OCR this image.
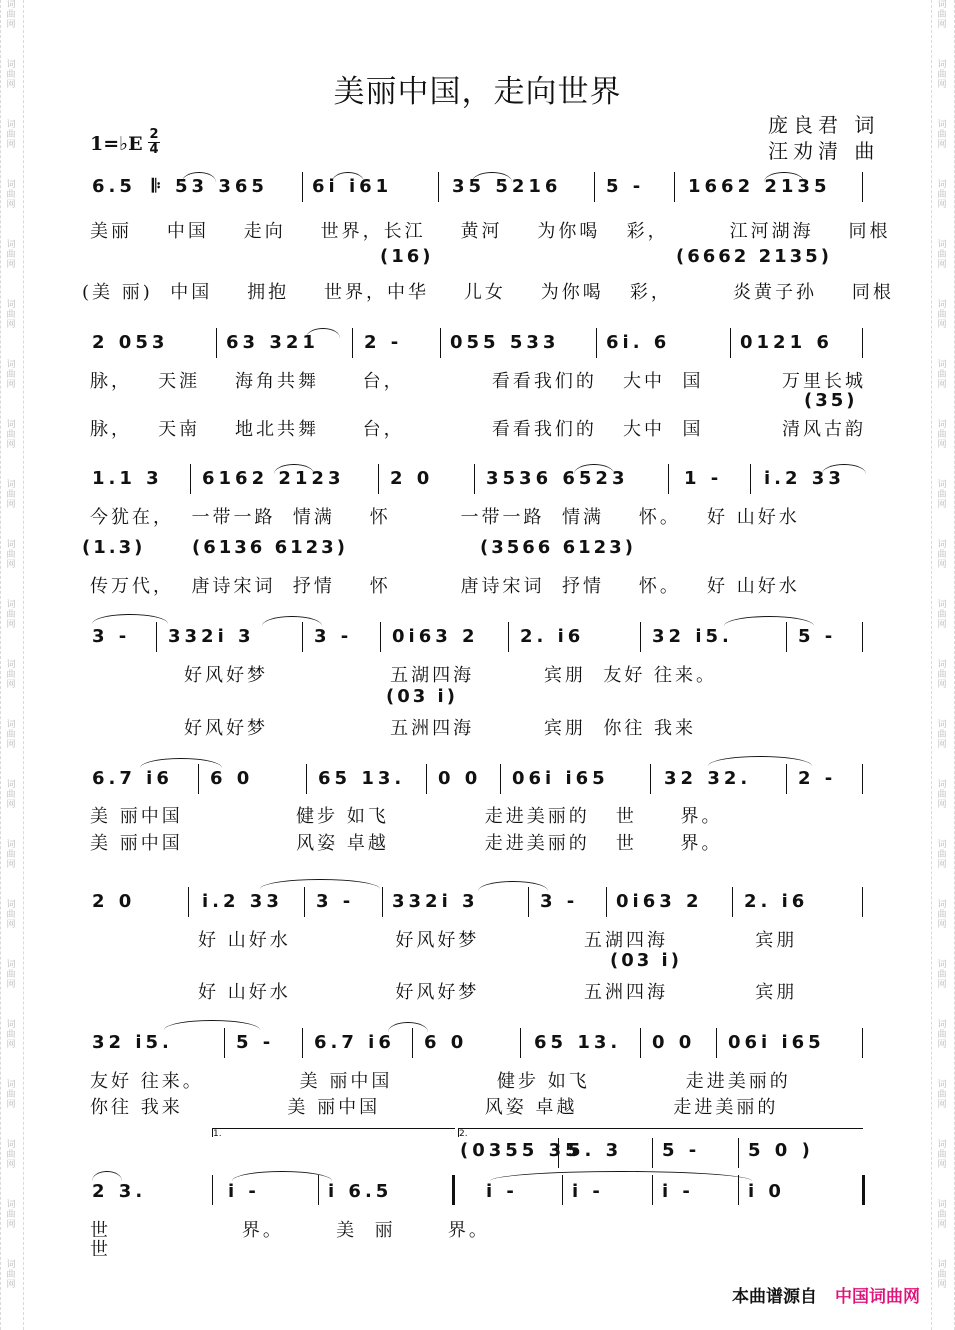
词
曲
网
词
曲
网
词
曲
网
词
曲
网
词
曲
网
词
曲
网
词
曲
网
词
曲
网
词
曲
网
词
曲
网
词
曲
网
词
曲
网
词
曲
网
词
曲
网
词
曲
网
词
曲
网
词
曲
网
词
曲
网
词
曲
网
词
曲
网
词
曲
网
词
曲
网
词
曲
网
词
曲
网
词
曲
网
词
曲
网
词
曲
网
词
曲
网
词
曲
网
词
曲
网
词
曲
网
词
曲
网
词
曲
网
词
曲
网
词
曲
网
词
曲
网
词
曲
网
词
曲
网
词
曲
网
词
曲
网
词
曲
网
词
曲
网
词
曲
网
词
曲
网
美丽中国，走向世界
庞良君 词
汪劝清 曲
1=♭E 2
4
6.5 𝄆 53 365 6i i61	35 5216 5 - 1662 2135
美丽    中国    走向    世界，长江    黄河    为你喝   彩，       江河湖海    同根
(16)	(6662 2135)
(美 丽)  中国    拥抱    世界，中华    儿女    为你喝   彩，       炎黄子孙    同根
2 053	63 321	2 -	055 533	6i. 6	0121 6
脉，   天涯    海角共舞     台，          看看我们的   大中  国         万里长城
(35)
脉，   天南    地北共舞     台，          看看我们的   大中  国         清风古韵
1.1 3 6162 2123	2 0	3536 6523	1 - i.2 33
今犹在，  一带一路  情满    怀        一带一路  情满    怀。   好 山好水
(1.3)	(6136 6123)	(3566 6123)
传万代，  唐诗宋词  抒情    怀        唐诗宋词  抒情    怀。   好 山好水
3 - 332i 3	3 - 0i63 2 2. i6	32 i5.	5 -
好风好梦              五湖四海        宾朋  友好 往来。
(03 i)
好风好梦              五洲四海        宾朋  你往 我来
6.7 i6 6 0	65 13. 0 0 06i i65	32 32.	2 -
美 丽中国             健步 如飞           走进美丽的   世     界。
美 丽中国             风姿 卓越           走进美丽的   世     界。
2 0	i.2 33 3 - 332i 3	3 - 0i63 2 2. i6
好 山好水            好风好梦            五湖四海          宾朋
(03 i)
好 山好水            好风好梦            五洲四海          宾朋
32 i5.	5 - 6.7 i6 6 0	65 13. 0 0 06i i65
友好 往来。           美 丽中国            健步 如飞           走进美丽的
你往 我来            美 丽中国            风姿 卓越           走进美丽的
1.	2.
(0355 35
5. 3 5 -	5 0 )
2 3.	i -	i 6.5	i -	i -	i -	i 0
世               界。      美  丽      界。
世
本曲谱源自 中国词曲网
